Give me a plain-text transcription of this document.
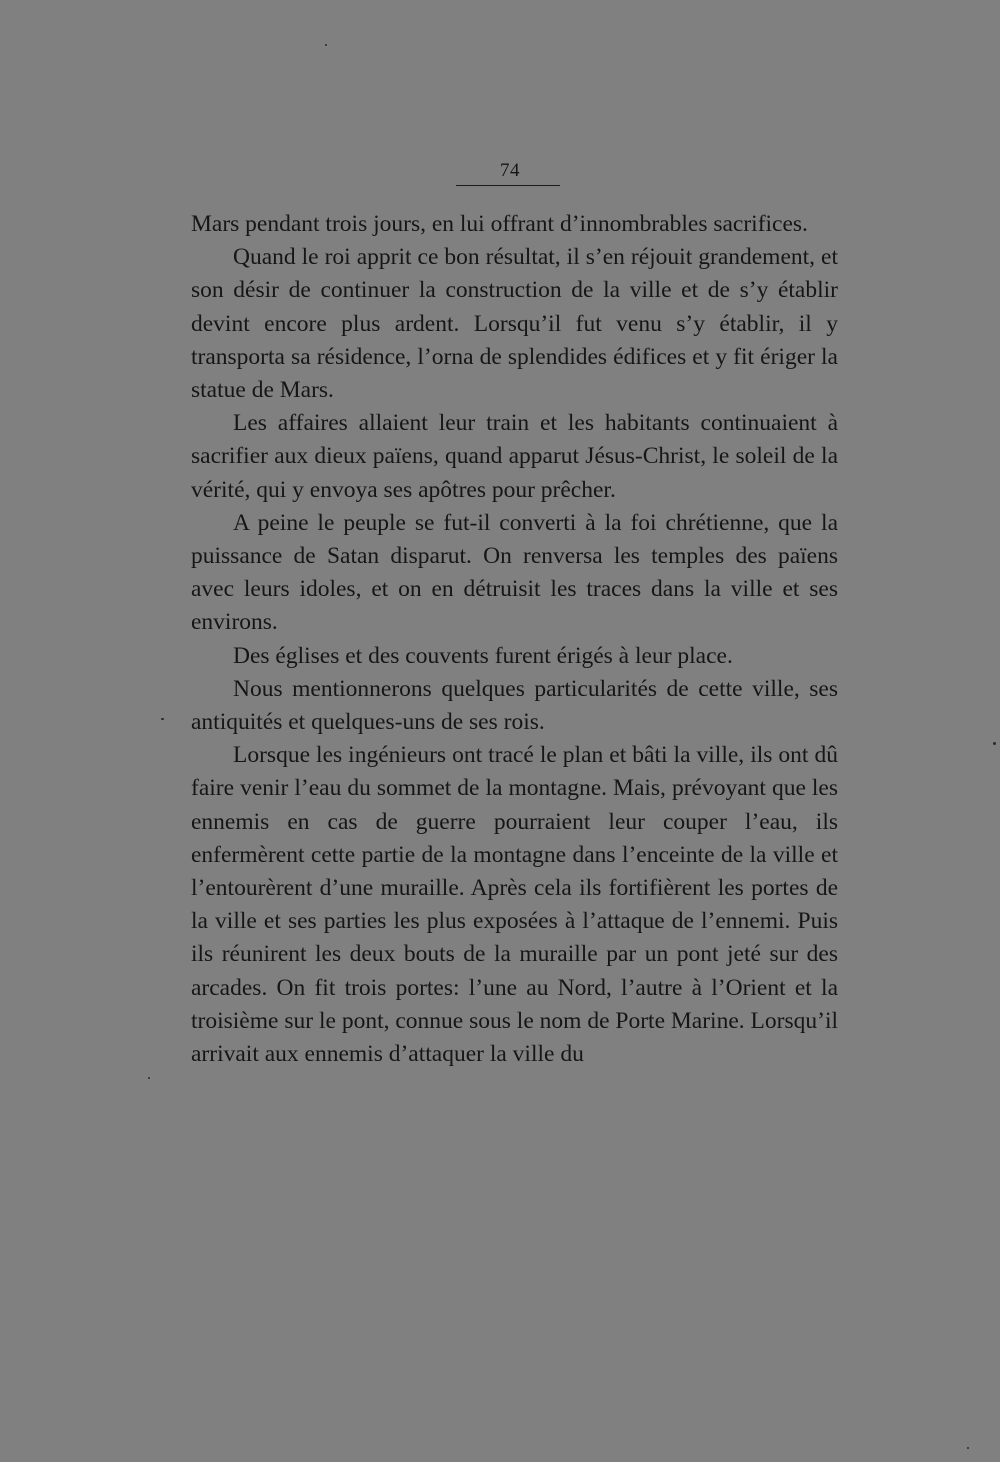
74

Mars pendant trois jours, en lui offrant d’innombrables sacrifices.

Quand le roi apprit ce bon résultat, il s’en réjouit grandement, et son désir de continuer la construction de la ville et de s’y établir devint encore plus ardent. Lorsqu’il fut venu s’y établir, il y transporta sa résidence, l’orna de splendides édifices et y fit ériger la statue de Mars.

Les affaires allaient leur train et les habitants continuaient à sacrifier aux dieux païens, quand apparut Jésus-Christ, le soleil de la vérité, qui y envoya ses apôtres pour prêcher.

A peine le peuple se fut-il converti à la foi chrétienne, que la puissance de Satan disparut. On renversa les temples des païens avec leurs idoles, et on en détruisit les traces dans la ville et ses environs.

Des églises et des couvents furent érigés à leur place.

Nous mentionnerons quelques particularités de cette ville, ses antiquités et quelques-uns de ses rois.

Lorsque les ingénieurs ont tracé le plan et bâti la ville, ils ont dû faire venir l’eau du sommet de la montagne. Mais, prévoyant que les ennemis en cas de guerre pourraient leur couper l’eau, ils enfermèrent cette partie de la montagne dans l’enceinte de la ville et l’entourèrent d’une muraille. Après cela ils fortifièrent les portes de la ville et ses parties les plus exposées à l’attaque de l’ennemi. Puis ils réunirent les deux bouts de la muraille par un pont jeté sur des arcades. On fit trois portes: l’une au Nord, l’autre à l’Orient et la troisième sur le pont, connue sous le nom de Porte Marine. Lorsqu’il arrivait aux ennemis d’attaquer la ville du
